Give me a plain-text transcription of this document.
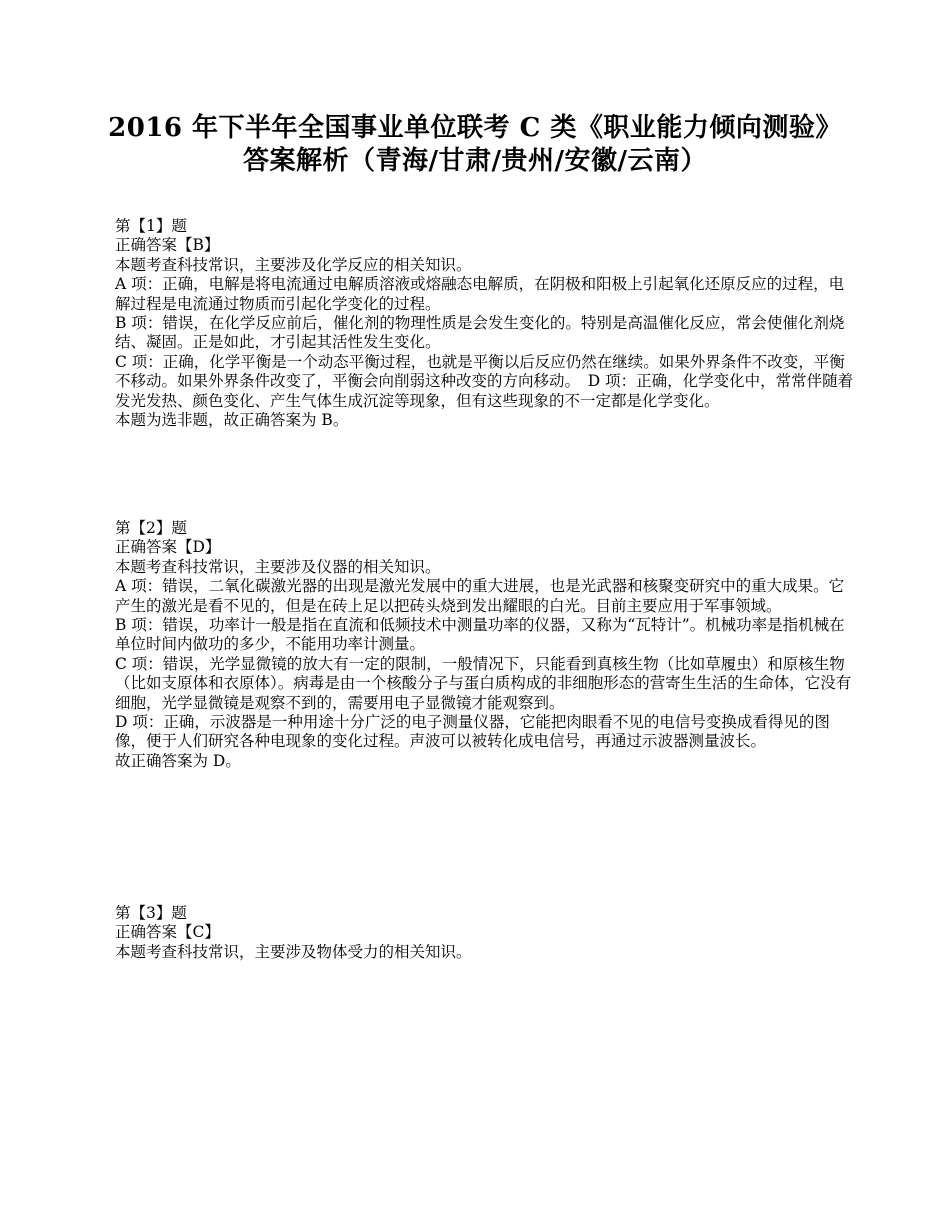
2016 年下半年全国事业单位联考 C 类《职业能力倾向测验》
答案解析（青海/甘肃/贵州/安徽/云南）

第【1】题

正确答案【B】

本题考查科技常识，主要涉及化学反应的相关知识。

A 项：正确，电解是将电流通过电解质溶液或熔融态电解质，在阴极和阳极上引起氧化还原反应的过程，电解过程是电流通过物质而引起化学变化的过程。

B 项：错误，在化学反应前后，催化剂的物理性质是会发生变化的。特别是高温催化反应，常会使催化剂烧结、凝固。正是如此，才引起其活性发生变化。

C 项：正确，化学平衡是一个动态平衡过程，也就是平衡以后反应仍然在继续。如果外界条件不改变，平衡不移动。如果外界条件改变了，平衡会向削弱这种改变的方向移动。　D 项：正确，化学变化中，常常伴随着发光发热、颜色变化、产生气体生成沉淀等现象，但有这些现象的不一定都是化学变化。

本题为选非题，故正确答案为 B。

第【2】题

正确答案【D】

本题考查科技常识，主要涉及仪器的相关知识。

A 项：错误，二氧化碳激光器的出现是激光发展中的重大进展，也是光武器和核聚变研究中的重大成果。它产生的激光是看不见的，但是在砖上足以把砖头烧到发出耀眼的白光。目前主要应用于军事领域。

B 项：错误，功率计一般是指在直流和低频技术中测量功率的仪器，又称为“瓦特计”。机械功率是指机械在单位时间内做功的多少，不能用功率计测量。

C 项：错误，光学显微镜的放大有一定的限制，一般情况下，只能看到真核生物（比如草履虫）和原核生物（比如支原体和衣原体）。病毒是由一个核酸分子与蛋白质构成的非细胞形态的营寄生生活的生命体，它没有细胞，光学显微镜是观察不到的，需要用电子显微镜才能观察到。

D 项：正确，示波器是一种用途十分广泛的电子测量仪器，它能把肉眼看不见的电信号变换成看得见的图像，便于人们研究各种电现象的变化过程。声波可以被转化成电信号，再通过示波器测量波长。

故正确答案为 D。

第【3】题

正确答案【C】

本题考查科技常识，主要涉及物体受力的相关知识。
